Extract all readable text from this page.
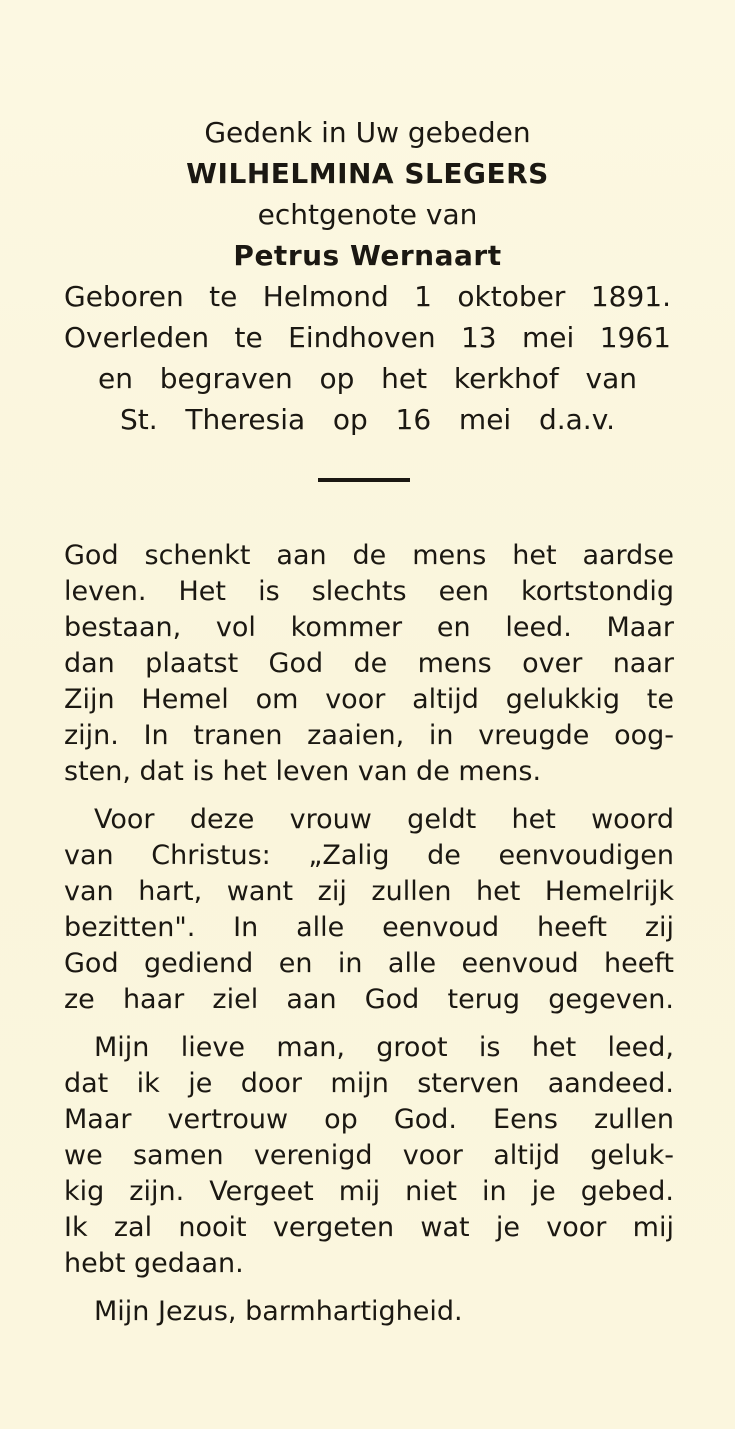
Gedenk in Uw gebeden
WILHELMINA SLEGERS
echtgenote van
Petrus Wernaart
Geboren te Helmond 1 oktober 1891.
Overleden te Eindhoven 13 mei 1961
en begraven op het kerkhof van
St. Theresia op 16 mei d.a.v.
God schenkt aan de mens het aardse
leven. Het is slechts een kortstondig
bestaan, vol kommer en leed. Maar
dan plaatst God de mens over naar
Zijn Hemel om voor altijd gelukkig te
zijn. In tranen zaaien, in vreugde oog-
sten, dat is het leven van de mens.
Voor deze vrouw geldt het woord
van Christus: „Zalig de eenvoudigen
van hart, want zij zullen het Hemelrijk
bezitten". In alle eenvoud heeft zij
God gediend en in alle eenvoud heeft
ze haar ziel aan God terug gegeven.
Mijn lieve man, groot is het leed,
dat ik je door mijn sterven aandeed.
Maar vertrouw op God. Eens zullen
we samen verenigd voor altijd geluk-
kig zijn. Vergeet mij niet in je gebed.
Ik zal nooit vergeten wat je voor mij
hebt gedaan.
Mijn Jezus, barmhartigheid.
